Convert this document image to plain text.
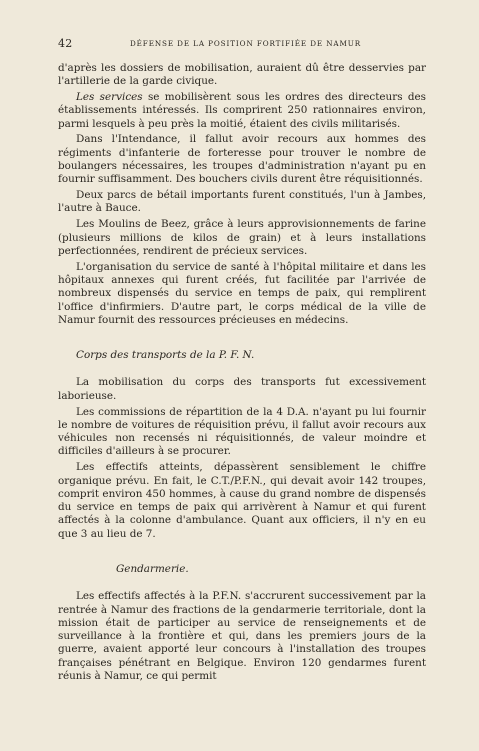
42	DÉFENSE DE LA POSITION FORTIFIÉE DE NAMUR

d'après les dossiers de mobilisation, auraient dû être desservies par l'artillerie de la garde civique.

Les services se mobilisèrent sous les ordres des directeurs des établissements intéressés. Ils comprirent 250 rationnaires environ, parmi lesquels à peu près la moitié, étaient des civils militarisés.

Dans l'Intendance, il fallut avoir recours aux hommes des régiments d'infanterie de forteresse pour trouver le nombre de boulangers nécessaires, les troupes d'administration n'ayant pu en fournir suffisamment. Des bouchers civils durent être réquisitionnés.

Deux parcs de bétail importants furent constitués, l'un à Jambes, l'autre à Bauce.

Les Moulins de Beez, grâce à leurs approvisionnements de farine (plusieurs millions de kilos de grain) et à leurs installations perfectionnées, rendirent de précieux services.

L'organisation du service de santé à l'hôpital militaire et dans les hôpitaux annexes qui furent créés, fut facilitée par l'arrivée de nombreux dispensés du service en temps de paix, qui remplirent l'office d'infirmiers. D'autre part, le corps médical de la ville de Namur fournit des ressources précieuses en médecins.

Corps des transports de la P. F. N.

La mobilisation du corps des transports fut excessivement laborieuse.

Les commissions de répartition de la 4 D.A. n'ayant pu lui fournir le nombre de voitures de réquisition prévu, il fallut avoir recours aux véhicules non recensés ni réquisitionnés, de valeur moindre et difficiles d'ailleurs à se procurer.

Les effectifs atteints, dépassèrent sensiblement le chiffre organique prévu. En fait, le C.T./P.F.N., qui devait avoir 142 troupes, comprit environ 450 hommes, à cause du grand nombre de dispensés du service en temps de paix qui arrivèrent à Namur et qui furent affectés à la colonne d'ambulance. Quant aux officiers, il n'y en eu que 3 au lieu de 7.

Gendarmerie.

Les effectifs affectés à la P.F.N. s'accrurent successivement par la rentrée à Namur des fractions de la gendarmerie territoriale, dont la mission était de participer au service de renseignements et de surveillance à la frontière et qui, dans les premiers jours de la guerre, avaient apporté leur concours à l'installation des troupes françaises pénétrant en Belgique. Environ 120 gendarmes furent réunis à Namur, ce qui permit
